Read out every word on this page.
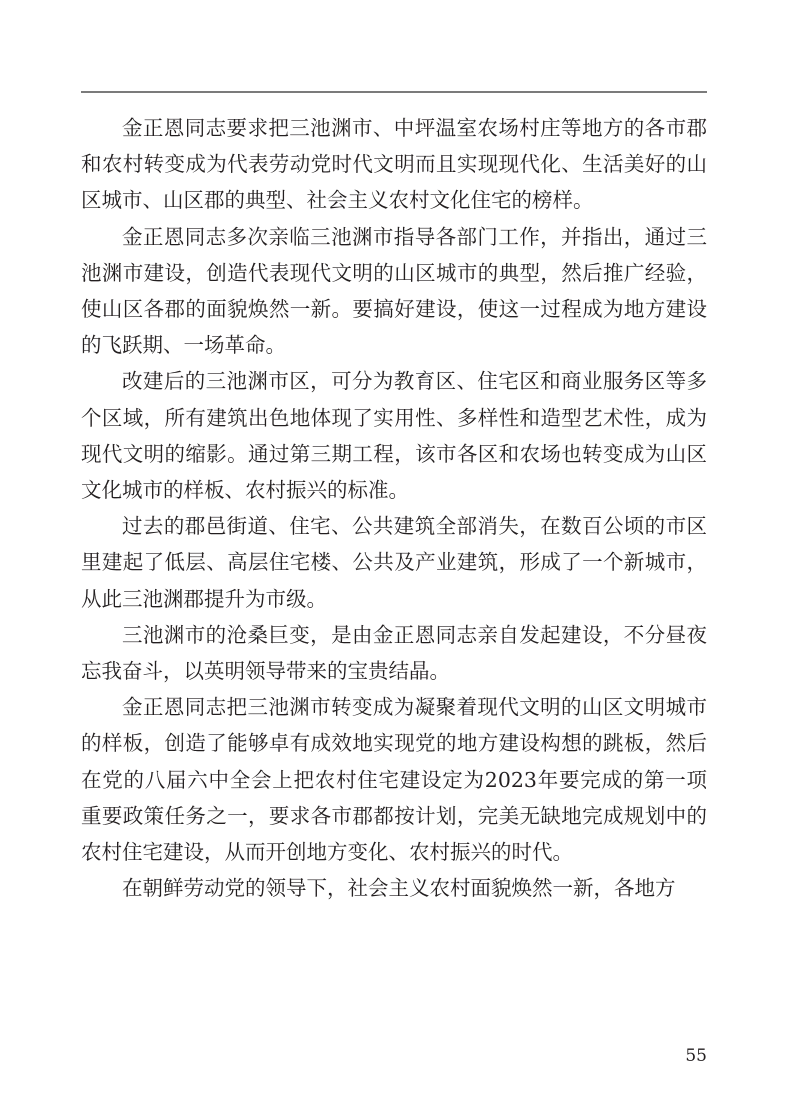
金正恩同志要求把三池渊市、中坪温室农场村庄等地方的各市郡和农村转变成为代表劳动党时代文明而且实现现代化、生活美好的山区城市、山区郡的典型、社会主义农村文化住宅的榜样。

金正恩同志多次亲临三池渊市指导各部门工作，并指出，通过三池渊市建设，创造代表现代文明的山区城市的典型，然后推广经验，使山区各郡的面貌焕然一新。要搞好建设，使这一过程成为地方建设的飞跃期、一场革命。

改建后的三池渊市区，可分为教育区、住宅区和商业服务区等多个区域，所有建筑出色地体现了实用性、多样性和造型艺术性，成为现代文明的缩影。通过第三期工程，该市各区和农场也转变成为山区文化城市的样板、农村振兴的标准。

过去的郡邑街道、住宅、公共建筑全部消失，在数百公顷的市区里建起了低层、高层住宅楼、公共及产业建筑，形成了一个新城市，从此三池渊郡提升为市级。

三池渊市的沧桑巨变，是由金正恩同志亲自发起建设，不分昼夜忘我奋斗，以英明领导带来的宝贵结晶。

金正恩同志把三池渊市转变成为凝聚着现代文明的山区文明城市的样板，创造了能够卓有成效地实现党的地方建设构想的跳板，然后在党的八届六中全会上把农村住宅建设定为2023年要完成的第一项重要政策任务之一，要求各市郡都按计划，完美无缺地完成规划中的农村住宅建设，从而开创地方变化、农村振兴的时代。

在朝鲜劳动党的领导下，社会主义农村面貌焕然一新，各地方

55
